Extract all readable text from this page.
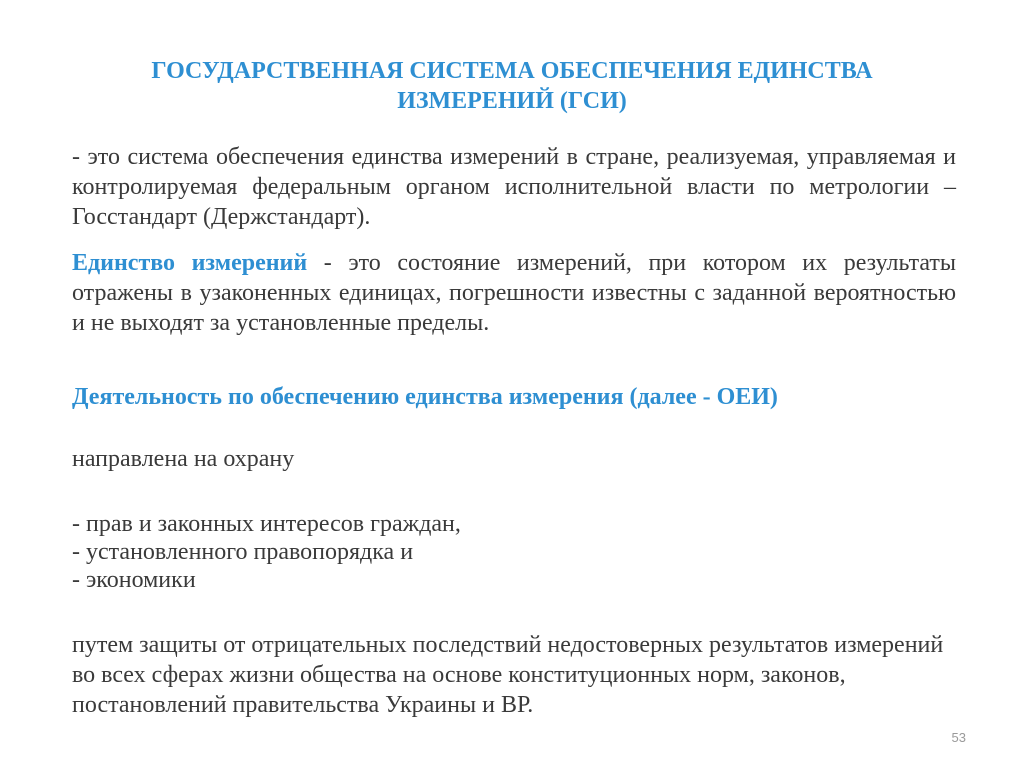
ГОСУДАРСТВЕННАЯ СИСТЕМА ОБЕСПЕЧЕНИЯ ЕДИНСТВА
ИЗМЕРЕНИЙ (ГСИ)
- это система обеспечения единства измерений в стране, реализуемая, управляемая и контролируемая федеральным органом исполнительной власти по метрологии – Госстандарт (Держстандарт).
Единство измерений - это состояние измерений, при котором их результаты отражены в узаконенных единицах, погрешности известны с заданной вероятностью и не выходят за установленные пределы.
Деятельность по обеспечению единства измерения (далее - ОЕИ)
направлена на охрану
- прав и законных интересов граждан,
- установленного правопорядка и
- экономики
путем защиты от отрицательных последствий недостоверных результатов измерений во всех сферах жизни общества на основе конституционных норм, законов, постановлений правительства Украины и ВР.
53
